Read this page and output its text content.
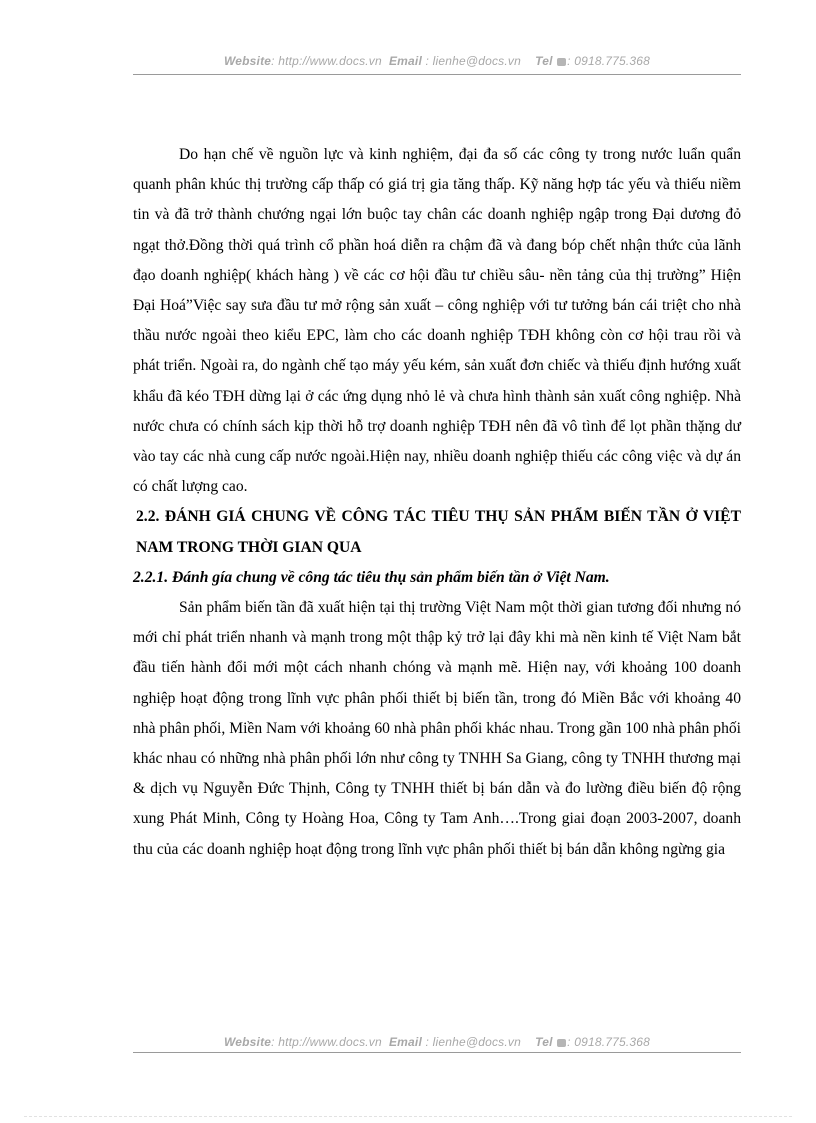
Website: http://www.docs.vn Email : lienhe@docs.vn Tel : 0918.775.368

Do hạn chế về nguồn lực và kinh nghiệm, đại đa số các công ty trong nước luẩn quẩn quanh phân khúc thị trường cấp thấp có giá trị gia tăng thấp. Kỹ năng hợp tác yếu và thiếu niềm tin và đã trở thành chướng ngại lớn buộc tay chân các doanh nghiệp ngập trong Đại dương đỏ ngạt thở.Đồng thời quá trình cổ phần hoá diễn ra chậm đã và đang bóp chết nhận thức của lãnh đạo doanh nghiệp( khách hàng ) về các cơ hội đầu tư chiều sâu- nền tảng của thị trường” Hiện Đại Hoá”Việc say sưa đầu tư mở rộng sản xuất – công nghiệp với tư tưởng bán cái triệt cho nhà thầu nước ngoài theo kiểu EPC, làm cho các doanh nghiệp TĐH không còn cơ hội trau rồi và phát triển. Ngoài ra, do ngành chế tạo máy yếu kém, sản xuất đơn chiếc và thiếu định hướng xuất khẩu đã kéo TĐH dừng lại ở các ứng dụng nhỏ lẻ và chưa hình thành sản xuất công nghiệp. Nhà nước chưa có chính sách kịp thời hỗ trợ doanh nghiệp TĐH nên đã vô tình để lọt phần thặng dư vào tay các nhà cung cấp nước ngoài.Hiện nay, nhiều doanh nghiệp thiếu các công việc và dự án có chất lượng cao.

2.2. ĐÁNH GIÁ CHUNG VỀ CÔNG TÁC TIÊU THỤ SẢN PHẨM BIẾN TẦN Ở VIỆT NAM TRONG THỜI GIAN QUA

2.2.1. Đánh gía chung về công tác tiêu thụ sản phẩm biến tần ở Việt Nam.

Sản phẩm biến tần đã xuất hiện tại thị trường Việt Nam một thời gian tương đối nhưng nó mới chỉ phát triển nhanh và mạnh trong một thập kỷ trở lại đây khi mà nền kinh tế Việt Nam bắt đầu tiến hành đổi mới một cách nhanh chóng và mạnh mẽ. Hiện nay, với khoảng 100 doanh nghiệp hoạt động trong lĩnh vực phân phối thiết bị biến tần, trong đó Miền Bắc với khoảng 40 nhà phân phối, Miền Nam với khoảng 60 nhà phân phối khác nhau. Trong gần 100 nhà phân phối khác nhau có những nhà phân phối lớn như công ty TNHH Sa Giang, công ty TNHH thương mại & dịch vụ Nguyễn Đức Thịnh, Công ty TNHH thiết bị bán dẫn và đo lường điều biến độ rộng xung Phát Minh, Công ty Hoàng Hoa, Công ty Tam Anh….Trong giai đoạn 2003-2007, doanh thu của các doanh nghiệp hoạt động trong lĩnh vực phân phối thiết bị bán dẫn không ngừng gia

Website: http://www.docs.vn Email : lienhe@docs.vn Tel : 0918.775.368
